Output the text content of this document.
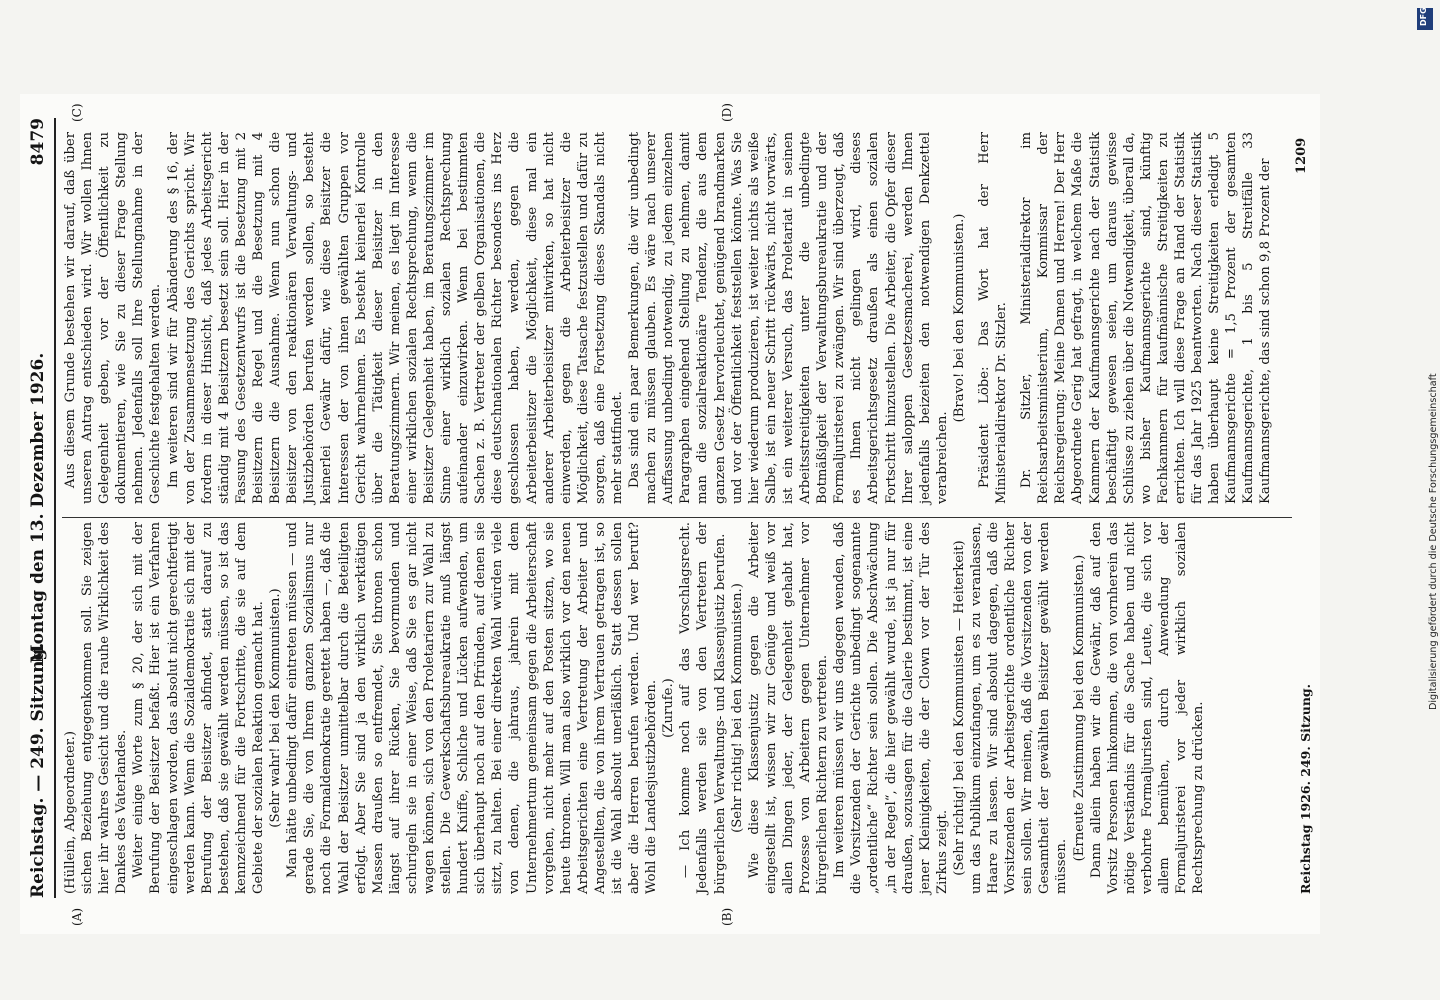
Reichstag. — 249. Sitzung.
Montag den 13. Dezember 1926.
8479
(A)	(B)
(C)	(D)

(Hüllein, Abgeordneter.) sichen Beziehung entgegenkommen soll. Sie zeigen hier ihr wahres Gesicht und die rauhe Wirklichkeit des Dankes des Vaterlandes. Weiter einige Worte zum § 20, der sich mit der Berufung der Beisitzer befaßt. Hier ist ein Verfahren eingeschlagen worden, das absolut nicht gerechtfertigt werden kann. Wenn die Sozialdemokratie sich mit der Berufung der Beisitzer abfindet, statt darauf zu bestehen, daß sie gewählt werden müssen, so ist das kennzeichnend für die Fortschritte, die sie auf dem Gebiete der sozialen Reaktion gemacht hat. (Sehr wahr! bei den Kommunisten.) Man hätte unbedingt dafür eintreten müssen — und gerade Sie, die von Ihrem ganzen Sozialismus nur noch die Formaldemokratie gerettet haben —, daß die Wahl der Beisitzer unmittelbar durch die Beteiligten erfolgt. Aber Sie sind ja den wirklich werktätigen Massen draußen so entfremdet, Sie thronen schon längst auf ihrer Rücken, Sie bevormunden und schurigeln sie in einer Weise, daß Sie es gar nicht wagen können, sich von den Proletariern zur Wahl zu stellen. Die Gewerkschaftsbureaukratie muß längst hundert Kniffe, Schliche und Lücken aufwenden, um sich überhaupt noch auf den Pfründen, auf denen sie sitzt, zu halten. Bei einer direkten Wahl würden viele von denen, die jahraus, jahrein mit dem Unternehmertum gemeinsam gegen die Arbeiterschaft vorgehen, nicht mehr auf den Posten sitzen, wo sie heute thronen. Will man also wirklich vor den neuen Arbeitsgerichten eine Vertretung der Arbeiter und Angestellten, die von ihrem Vertrauen getragen ist, so ist die Wahl absolut unerläßlich. Statt dessen sollen aber die Herren berufen werden. Und wer beruft? Wohl die Landesjustizbehörden. (Zurufe.) — Ich komme noch auf das Vorschlagsrecht. Jedenfalls werden sie von den Vertretern der bürgerlichen Verwaltungs- und Klassenjustiz berufen. (Sehr richtig! bei den Kommunisten.) Wie diese Klassenjustiz gegen die Arbeiter eingestellt ist, wissen wir zur Genüge und weiß vor allen Dingen jeder, der Gelegenheit gehabt hat, Prozesse von Arbeitern gegen Unternehmer vor bürgerlichen Richtern zu vertreten. Im weiteren müssen wir uns dagegen wenden, daß die Vorsitzenden der Gerichte unbedingt sogenannte „ordentliche“ Richter sein sollen. Die Abschwächung „in der Regel“, die hier gewählt wurde, ist ja nur für draußen, sozusagen für die Galerie bestimmt, ist eine jener Kleinigkeiten, die der Clown vor der Tür des Zirkus zeigt. (Sehr richtig! bei den Kommunisten — Heiterkeit) um das Publikum einzufangen, um es zu veranlassen, Haare zu lassen. Wir sind absolut dagegen, daß die Vorsitzenden der Arbeitsgerichte ordentliche Richter sein sollen. Wir meinen, daß die Vorsitzenden von der Gesamtheit der gewählten Beisitzer gewählt werden müssen.

(Erneute Zustimmung bei den Kommunisten.) Dann allein haben wir die Gewähr, daß auf den Vorsitz Personen hinkommen, die von vornherein das nötige Verständnis für die Sache haben und nicht verbohrte Formaljuristen sind, Leute, die sich vor allem bemühen, durch Anwendung der Formaljuristerei vor jeder wirklich sozialen Rechtsprechung zu drücken.

Aus diesem Grunde bestehen wir darauf, daß über unseren Antrag entschieden wird. Wir wollen Ihnen Gelegenheit geben, vor der Öffentlichkeit zu dokumentieren, wie Sie zu dieser Frage Stellung nehmen. Jedenfalls soll Ihre Stellungnahme in der Geschichte festgehalten werden. Im weiteren sind wir für Abänderung des § 16, der von der Zusammensetzung des Gerichts spricht. Wir fordern in dieser Hinsicht, daß jedes Arbeitsgericht ständig mit 4 Beisitzern besetzt sein soll. Hier in der Fassung des Gesetzentwurfs ist die Besetzung mit 2 Beisitzern die Regel und die Besetzung mit 4 Beisitzern die Ausnahme. Wenn nun schon die Beisitzer von den reaktionären Verwaltungs- und Justizbehörden berufen werden sollen, so besteht keinerlei Gewähr dafür, wie diese Beisitzer die Interessen der von ihnen gewählten Gruppen vor Gericht wahrnehmen. Es besteht keinerlei Kontrolle über die Tätigkeit dieser Beisitzer in den Beratungszimmern. Wir meinen, es liegt im Interesse einer wirklichen sozialen Rechtsprechung, wenn die Beisitzer Gelegenheit haben, im Beratungszimmer im Sinne einer wirklich sozialen Rechtsprechung aufeinander einzuwirken. Wenn bei bestimmten Sachen z. B. Vertreter der gelben Organisationen, die diese deutschnationalen Richter besonders ins Herz geschlossen haben, werden, gegen die Arbeiterbeisitzer die Möglichkeit, diese mal ein anderer Arbeiterbeisitzer mitwirken, so hat nicht einwerden, gegen die Arbeiterbeisitzer die Möglichkeit, diese Tatsache festzustellen und dafür zu sorgen, daß eine Fortsetzung dieses Skandals nicht mehr stattfindet. Das sind ein paar Bemerkungen, die wir unbedingt machen zu müssen glauben. Es wäre nach unserer Auffassung unbedingt notwendig, zu jedem einzelnen Paragraphen eingehend Stellung zu nehmen, damit man die sozialreaktionäre Tendenz, die aus dem ganzen Gesetz hervorleuchtet, genügend brandmarken und vor der Öffentlichkeit feststellen könnte. Was Sie hier wiederum produzieren, ist weiter nichts als weiße Salbe, ist ein neuer Schritt rückwärts, nicht vorwärts, ist ein weiterer Versuch, das Proletariat in seinen Arbeitsstreitigkeiten unter die unbedingte Botmäßigkeit der Verwaltungsbureaukratie und der Formaljuristerei zu zwängen. Wir sind überzeugt, daß es Ihnen nicht gelingen wird, dieses Arbeitsgerichtsgesetz draußen als einen sozialen Fortschritt hinzustellen. Die Arbeiter, die Opfer dieser Ihrer saloppen Gesetzesmacherei, werden Ihnen jedenfalls beizeiten den notwendigen Denkzettel verabreichen.

(Bravo! bei den Kommunisten.) Präsident Löbe: Das Wort hat der Herr Ministerialdirektor Dr. Sitzler. Dr. Sitzler, Ministerialdirektor im Reichsarbeitsministerium, Kommissar der Reichsregierung: Meine Damen und Herren! Der Herr Abgeordnete Gerig hat gefragt, in welchem Maße die Kammern der Kaufmannsgerichte nach der Statistik beschäftigt gewesen seien, um daraus gewisse Schlüsse zu ziehen über die Notwendigkeit, überall da, wo bisher Kaufmannsgerichte sind, künftig Fachkammern für kaufmännische Streitigkeiten zu errichten. Ich will diese Frage an Hand der Statistik für das Jahr 1925 beantworten. Nach dieser Statistik haben überhaupt keine Streitigkeiten erledigt 5 Kaufmannsgerichte = 1,5 Prozent der gesamten Kaufmannsgerichte, 1 bis 5 Streitfälle 33 Kaufmannsgerichte, das sind schon 9,8 Prozent der

Reichstag 1926. 249. Sitzung.
1209
DFG
Digitalisierung gefördert durch die Deutsche Forschungsgemeinschaft
